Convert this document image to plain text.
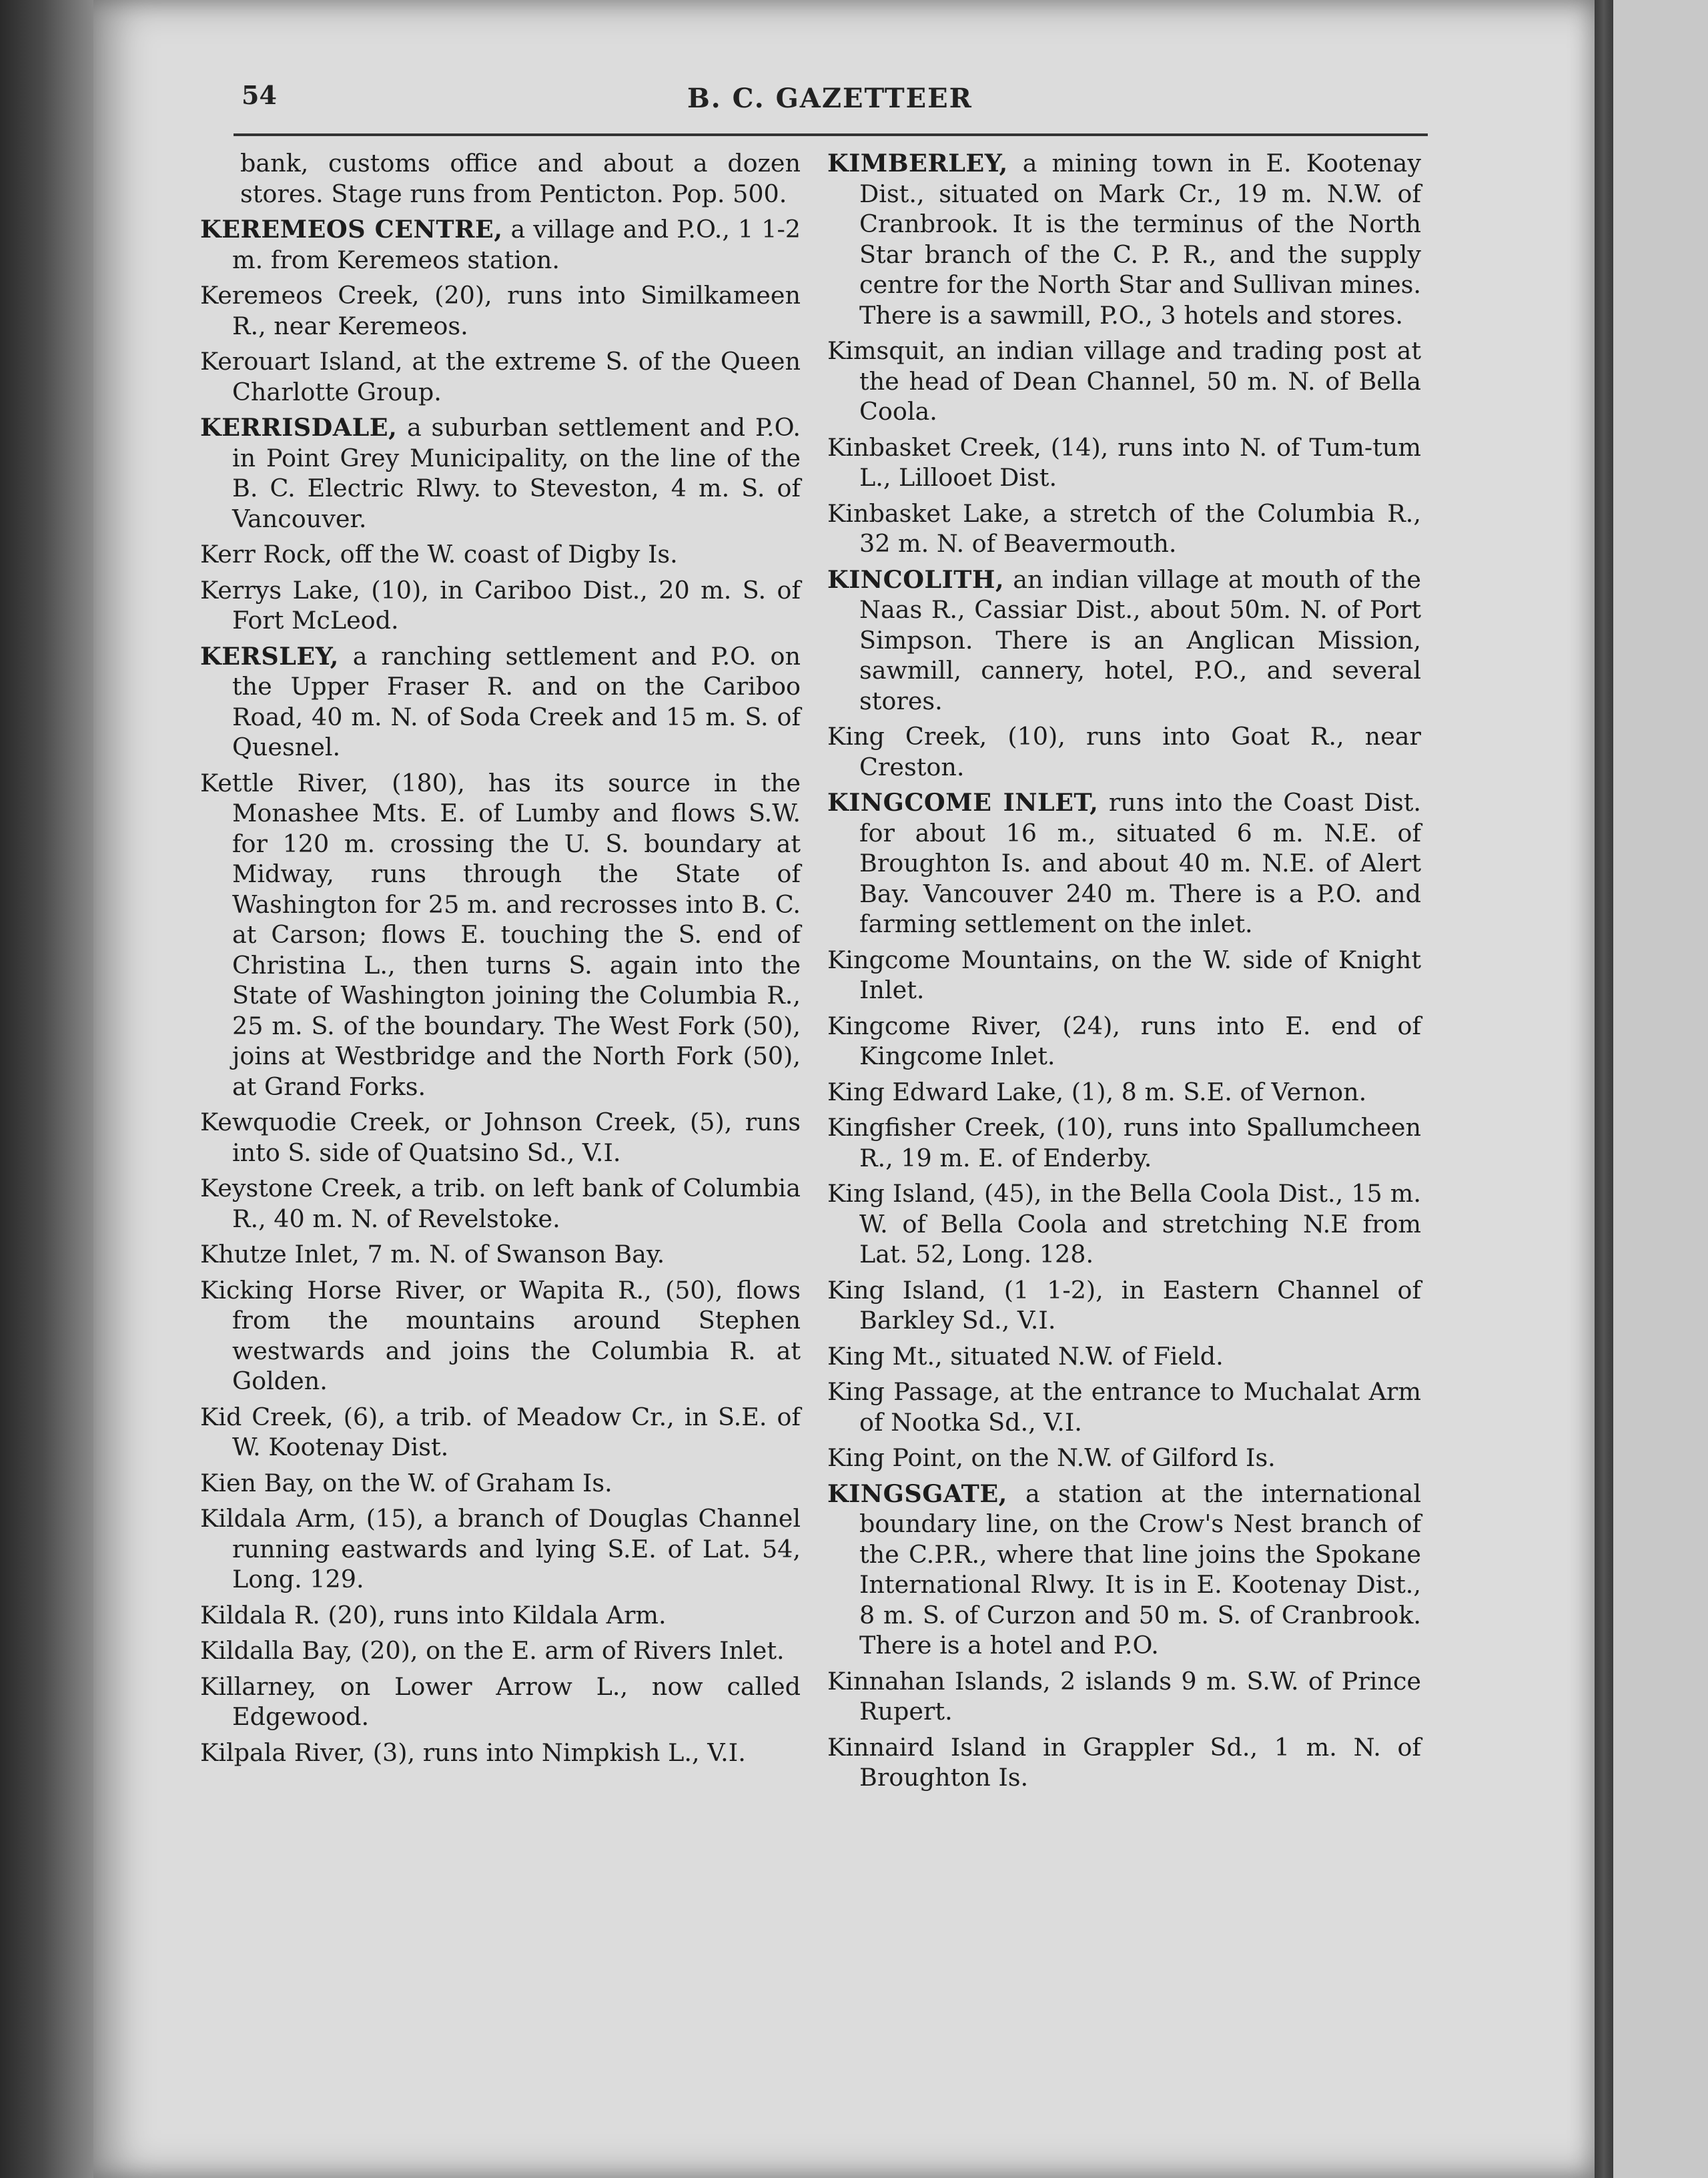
54	B. C. GAZETTEER

bank, customs office and about a dozen stores. Stage runs from Penticton. Pop. 500.

KEREMEOS CENTRE, a village and P.O., 1 1-2 m. from Keremeos station.

Keremeos Creek, (20), runs into Similkameen R., near Keremeos.

Kerouart Island, at the extreme S. of the Queen Charlotte Group.

KERRISDALE, a suburban settlement and P.O. in Point Grey Municipality, on the line of the B. C. Electric Rlwy. to Steveston, 4 m. S. of Vancouver.

Kerr Rock, off the W. coast of Digby Is.

Kerrys Lake, (10), in Cariboo Dist., 20 m. S. of Fort McLeod.

KERSLEY, a ranching settlement and P.O. on the Upper Fraser R. and on the Cariboo Road, 40 m. N. of Soda Creek and 15 m. S. of Quesnel.

Kettle River, (180), has its source in the Monashee Mts. E. of Lumby and flows S.W. for 120 m. crossing the U. S. boundary at Midway, runs through the State of Washington for 25 m. and recrosses into B. C. at Carson; flows E. touching the S. end of Christina L., then turns S. again into the State of Washington joining the Columbia R., 25 m. S. of the boundary. The West Fork (50), joins at Westbridge and the North Fork (50), at Grand Forks.

Kewquodie Creek, or Johnson Creek, (5), runs into S. side of Quatsino Sd., V.I.

Keystone Creek, a trib. on left bank of Columbia R., 40 m. N. of Revelstoke.

Khutze Inlet, 7 m. N. of Swanson Bay.

Kicking Horse River, or Wapita R., (50), flows from the mountains around Stephen westwards and joins the Columbia R. at Golden.

Kid Creek, (6), a trib. of Meadow Cr., in S.E. of W. Kootenay Dist.

Kien Bay, on the W. of Graham Is.

Kildala Arm, (15), a branch of Douglas Channel running eastwards and lying S.E. of Lat. 54, Long. 129.

Kildala R. (20), runs into Kildala Arm.

Kildalla Bay, (20), on the E. arm of Rivers Inlet.

Killarney, on Lower Arrow L., now called Edgewood.

Kilpala River, (3), runs into Nimpkish L., V.I.

KIMBERLEY, a mining town in E. Kootenay Dist., situated on Mark Cr., 19 m. N.W. of Cranbrook. It is the terminus of the North Star branch of the C. P. R., and the supply centre for the North Star and Sullivan mines. There is a sawmill, P.O., 3 hotels and stores.

Kimsquit, an indian village and trading post at the head of Dean Channel, 50 m. N. of Bella Coola.

Kinbasket Creek, (14), runs into N. of Tum-tum L., Lillooet Dist.

Kinbasket Lake, a stretch of the Columbia R., 32 m. N. of Beavermouth.

KINCOLITH, an indian village at mouth of the Naas R., Cassiar Dist., about 50m. N. of Port Simpson. There is an Anglican Mission, sawmill, cannery, hotel, P.O., and several stores.

King Creek, (10), runs into Goat R., near Creston.

KINGCOME INLET, runs into the Coast Dist. for about 16 m., situated 6 m. N.E. of Broughton Is. and about 40 m. N.E. of Alert Bay. Vancouver 240 m. There is a P.O. and farming settlement on the inlet.

Kingcome Mountains, on the W. side of Knight Inlet.

Kingcome River, (24), runs into E. end of Kingcome Inlet.

King Edward Lake, (1), 8 m. S.E. of Vernon.

Kingfisher Creek, (10), runs into Spallumcheen R., 19 m. E. of Enderby.

King Island, (45), in the Bella Coola Dist., 15 m. W. of Bella Coola and stretching N.E from Lat. 52, Long. 128.

King Island, (1 1-2), in Eastern Channel of Barkley Sd., V.I.

King Mt., situated N.W. of Field.

King Passage, at the entrance to Muchalat Arm of Nootka Sd., V.I.

King Point, on the N.W. of Gilford Is.

KINGSGATE, a station at the international boundary line, on the Crow's Nest branch of the C.P.R., where that line joins the Spokane International Rlwy. It is in E. Kootenay Dist., 8 m. S. of Curzon and 50 m. S. of Cranbrook. There is a hotel and P.O.

Kinnahan Islands, 2 islands 9 m. S.W. of Prince Rupert.

Kinnaird Island in Grappler Sd., 1 m. N. of Broughton Is.
